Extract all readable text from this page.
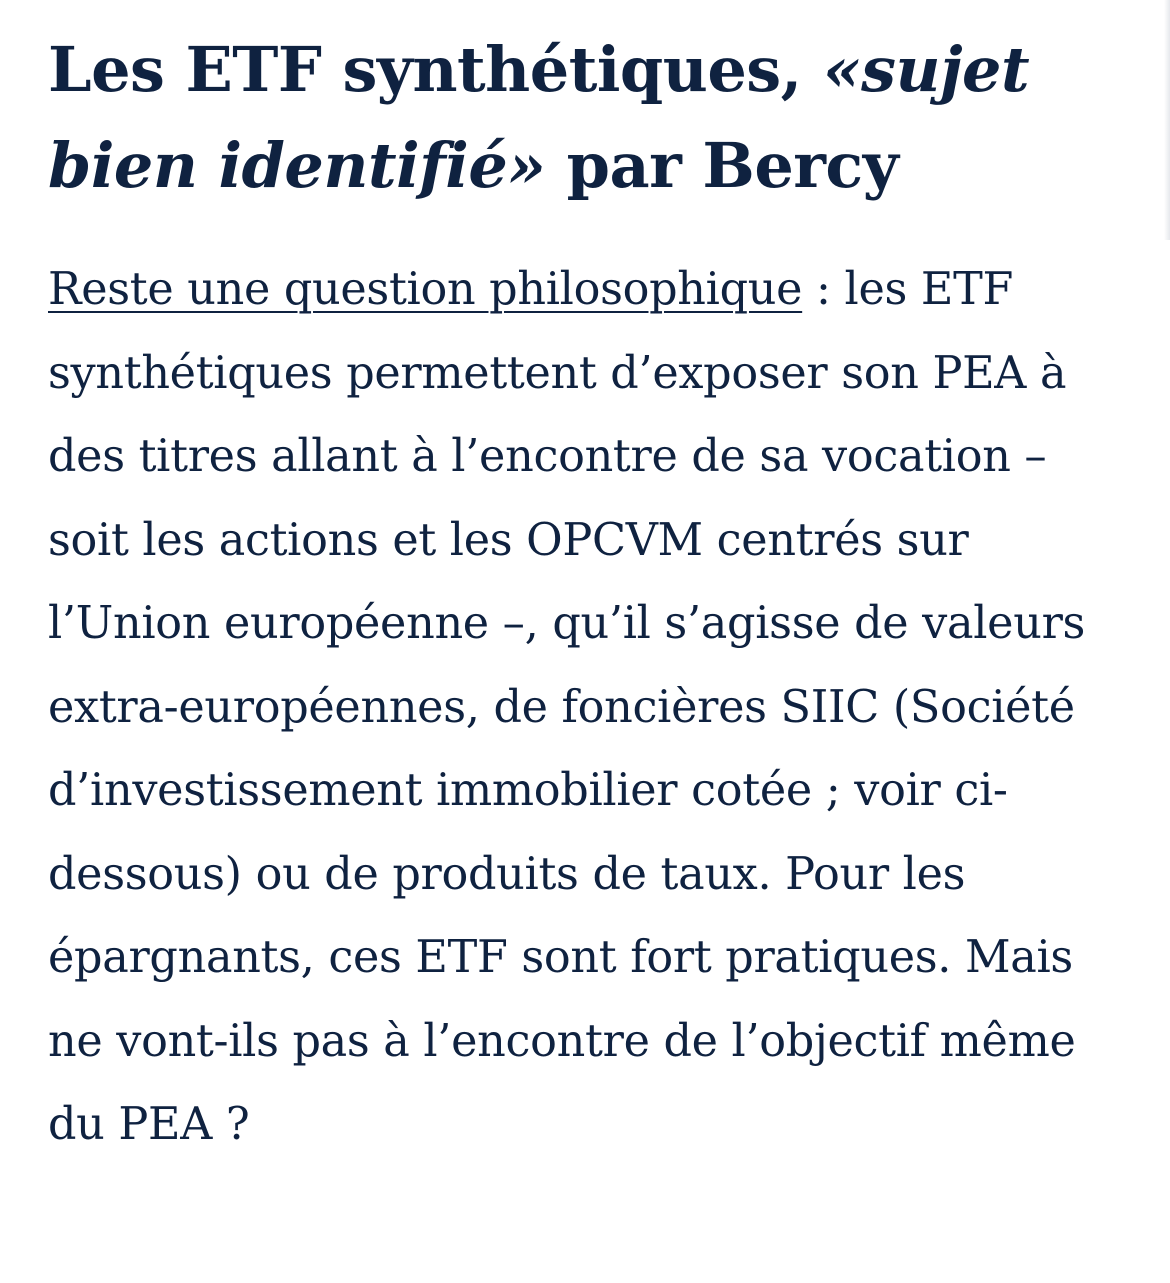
Les ETF synthétiques, «sujet bien identifié» par Bercy

Reste une question philosophique : les ETF synthétiques permettent d’exposer son PEA à des titres allant à l’encontre de sa vocation – soit les actions et les OPCVM centrés sur l’Union européenne –, qu’il s’agisse de valeurs extra-européennes, de foncières SIIC (Société d’investissement immobilier cotée ; voir ci-dessous) ou de produits de taux. Pour les épargnants, ces ETF sont fort pratiques. Mais ne vont-ils pas à l’encontre de l’objectif même du PEA ?
